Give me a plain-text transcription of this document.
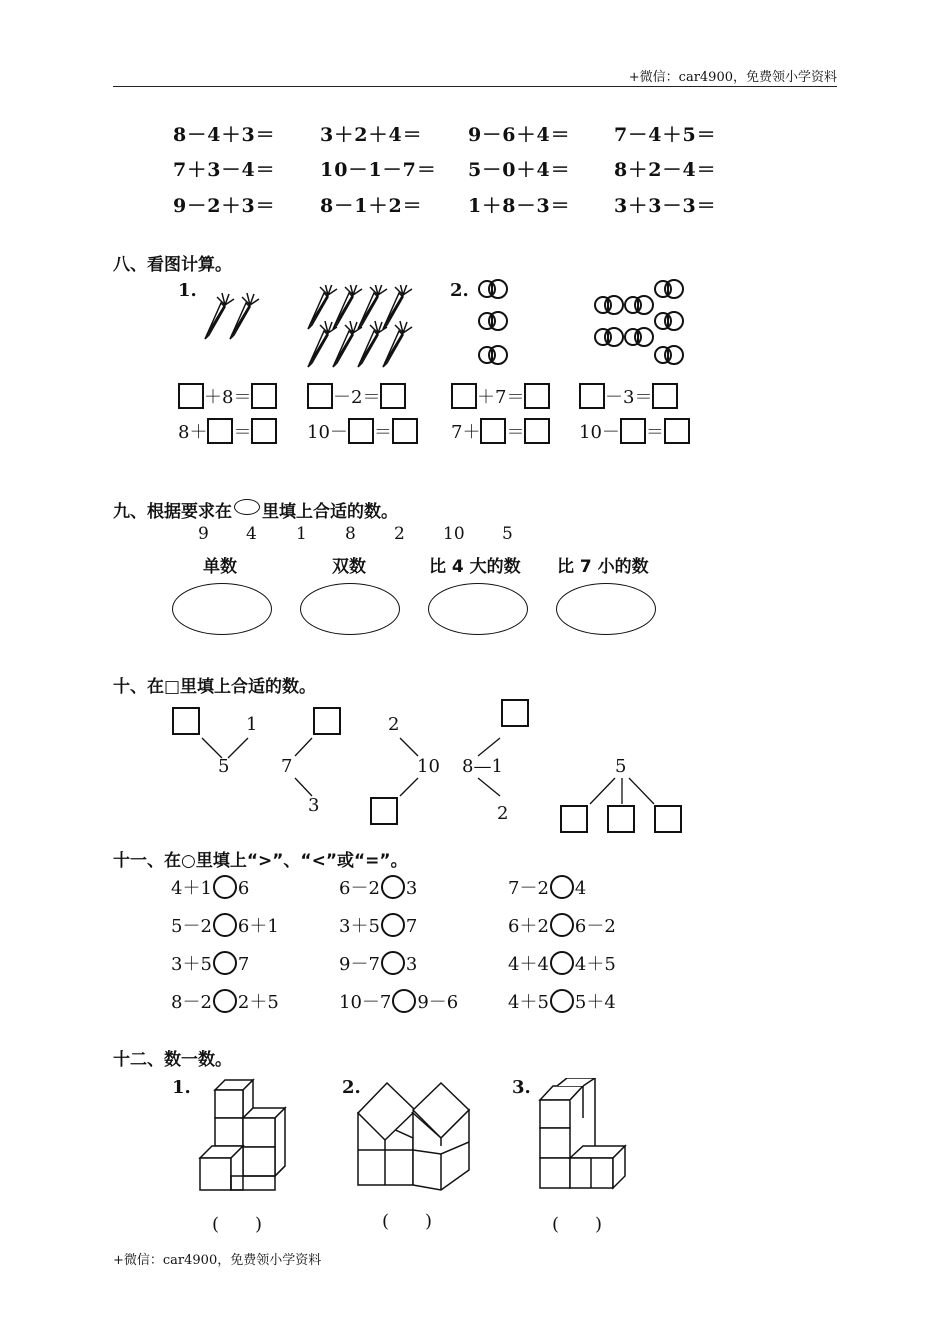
+微信：car4900，免费领小学资料
8－4＋3＝ 3＋2＋4＝ 9－6＋4＝ 7－4＋5＝
7＋3－4＝ 10－1－7＝ 5－0＋4＝ 8＋2－4＝
9－2＋3＝ 8－1＋2＝ 1＋8－3＝ 3＋3－3＝
八、看图计算。
1.	2.
＋8＝	－2＝	＋7＝	－3＝
8＋ ＝	10－ ＝	7＋ ＝	10－ ＝
九、根据要求在 里填上合适的数。
9 4 1 8 2 10 5
单数	双数	比 4 大的数 比 7 小的数
十、在□里填上合适的数。
1
5	7
3
2
10 8—1
2
5
十一、在○里填上“>”、“<”或“=”。
4＋1 6	6－2 3	7－2 4
5－2 6＋1	3＋5 7	6＋2 6－2
3＋5 7	9－7 3	4＋4 4＋5
8－2 2＋5	10－7 9－6	4＋5 5＋4
十二、数一数。
1.	2.	3.
(　　)	(　　)	(　　)
+微信：car4900，免费领小学资料
